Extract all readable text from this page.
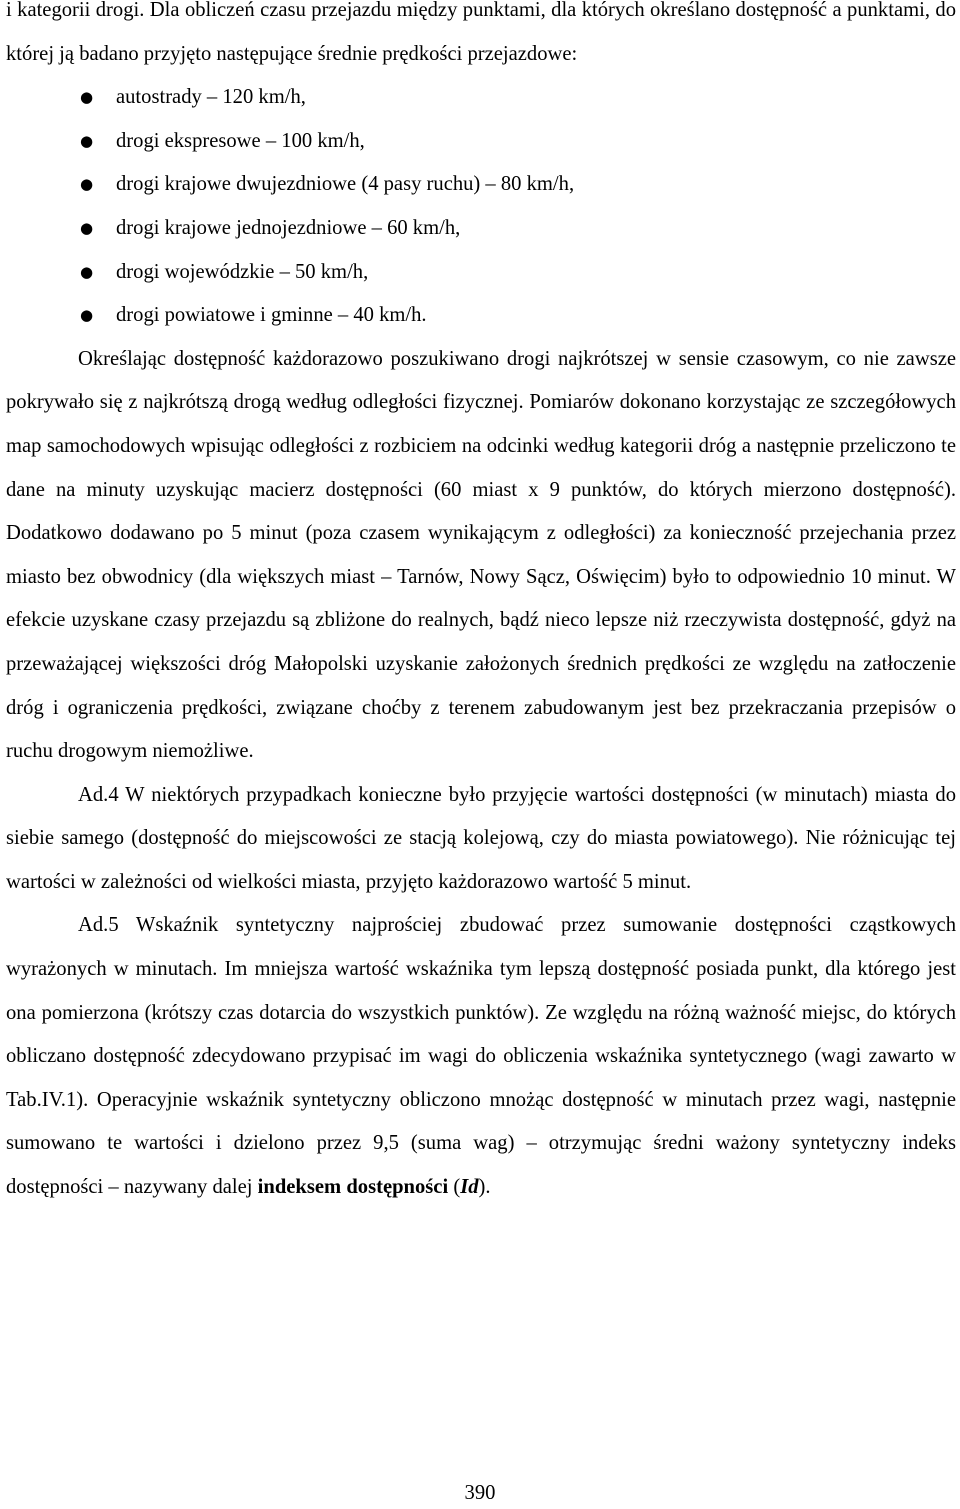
i kategorii drogi. Dla obliczeń czasu przejazdu między punktami, dla których określano dostępność a punktami, do której ją badano przyjęto następujące średnie prędkości przejazdowe:

● autostrady – 120 km/h,
● drogi ekspresowe – 100 km/h,
● drogi krajowe dwujezdniowe (4 pasy ruchu) – 80 km/h,
● drogi krajowe jednojezdniowe – 60 km/h,
● drogi wojewódzkie – 50 km/h,
● drogi powiatowe i gminne – 40 km/h.

Określając dostępność każdorazowo poszukiwano drogi najkrótszej w sensie czasowym, co nie zawsze pokrywało się z najkrótszą drogą według odległości fizycznej. Pomiarów dokonano korzystając ze szczegółowych map samochodowych wpisując odległości z rozbiciem na odcinki według kategorii dróg a następnie przeliczono te dane na minuty uzyskując macierz dostępności (60 miast x 9 punktów, do których mierzono dostępność). Dodatkowo dodawano po 5 minut (poza czasem wynikającym z odległości) za konieczność przejechania przez miasto bez obwodnicy (dla większych miast – Tarnów, Nowy Sącz, Oświęcim) było to odpowiednio 10 minut. W efekcie uzyskane czasy przejazdu są zbliżone do realnych, bądź nieco lepsze niż rzeczywista dostępność, gdyż na przeważającej większości dróg Małopolski uzyskanie założonych średnich prędkości ze względu na zatłoczenie dróg i ograniczenia prędkości, związane choćby z terenem zabudowanym jest bez przekraczania przepisów o ruchu drogowym niemożliwe.

Ad.4 W niektórych przypadkach konieczne było przyjęcie wartości dostępności (w minutach) miasta do siebie samego (dostępność do miejscowości ze stacją kolejową, czy do miasta powiatowego). Nie różnicując tej wartości w zależności od wielkości miasta, przyjęto każdorazowo wartość 5 minut.

Ad.5 Wskaźnik syntetyczny najprościej zbudować przez sumowanie dostępności cząstkowych wyrażonych w minutach. Im mniejsza wartość wskaźnika tym lepszą dostępność posiada punkt, dla którego jest ona pomierzona (krótszy czas dotarcia do wszystkich punktów). Ze względu na różną ważność miejsc, do których obliczano dostępność zdecydowano przypisać im wagi do obliczenia wskaźnika syntetycznego (wagi zawarto w Tab.IV.1). Operacyjnie wskaźnik syntetyczny obliczono mnożąc dostępność w minutach przez wagi, następnie sumowano te wartości i dzielono przez 9,5 (suma wag) – otrzymując średni ważony syntetyczny indeks dostępności – nazywany dalej indeksem dostępności (Id).

390
